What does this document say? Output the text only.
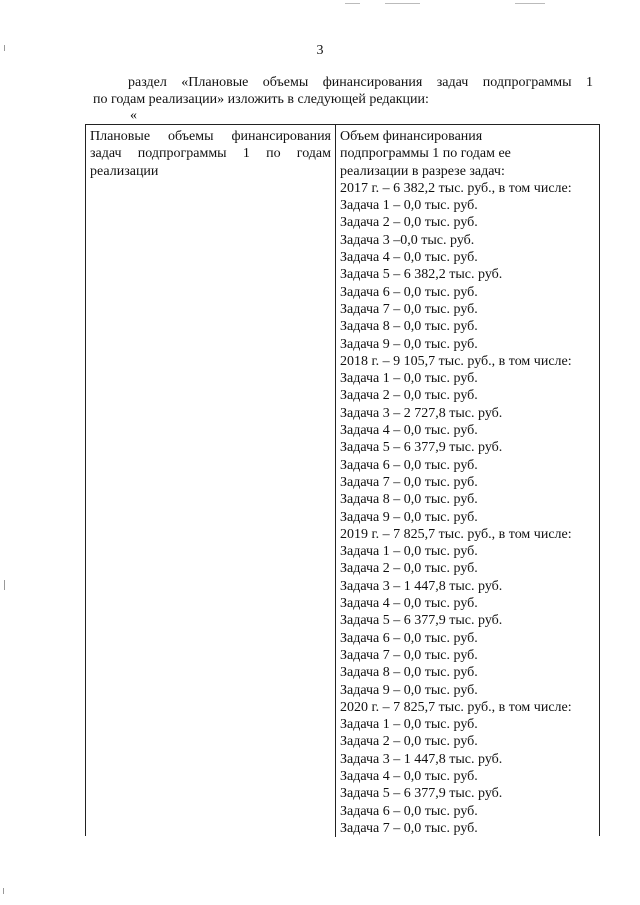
3
раздел «Плановые объемы финансирования задач подпрограммы 1
по годам реализации» изложить в следующей редакции:
«
Плановые объемы финансирования
задач подпрограммы 1 по годам
реализации
Объем финансирования
подпрограммы 1 по годам ее
реализации в разрезе задач:
2017 г. – 6 382,2 тыс. руб., в том числе:
Задача 1 – 0,0 тыс. руб.
Задача 2 – 0,0 тыс. руб.
Задача 3 –0,0 тыс. руб.
Задача 4 – 0,0 тыс. руб.
Задача 5 – 6 382,2 тыс. руб.
Задача 6 – 0,0 тыс. руб.
Задача 7 – 0,0 тыс. руб.
Задача 8 – 0,0 тыс. руб.
Задача 9 – 0,0 тыс. руб.
2018 г. – 9 105,7 тыс. руб., в том числе:
Задача 1 – 0,0 тыс. руб.
Задача 2 – 0,0 тыс. руб.
Задача 3 – 2 727,8 тыс. руб.
Задача 4 – 0,0 тыс. руб.
Задача 5 – 6 377,9 тыс. руб.
Задача 6 – 0,0 тыс. руб.
Задача 7 – 0,0 тыс. руб.
Задача 8 – 0,0 тыс. руб.
Задача 9 – 0,0 тыс. руб.
2019 г. – 7 825,7 тыс. руб., в том числе:
Задача 1 – 0,0 тыс. руб.
Задача 2 – 0,0 тыс. руб.
Задача 3 – 1 447,8 тыс. руб.
Задача 4 – 0,0 тыс. руб.
Задача 5 – 6 377,9 тыс. руб.
Задача 6 – 0,0 тыс. руб.
Задача 7 – 0,0 тыс. руб.
Задача 8 – 0,0 тыс. руб.
Задача 9 – 0,0 тыс. руб.
2020 г. – 7 825,7 тыс. руб., в том числе:
Задача 1 – 0,0 тыс. руб.
Задача 2 – 0,0 тыс. руб.
Задача 3 – 1 447,8 тыс. руб.
Задача 4 – 0,0 тыс. руб.
Задача 5 – 6 377,9 тыс. руб.
Задача 6 – 0,0 тыс. руб.
Задача 7 – 0,0 тыс. руб.
